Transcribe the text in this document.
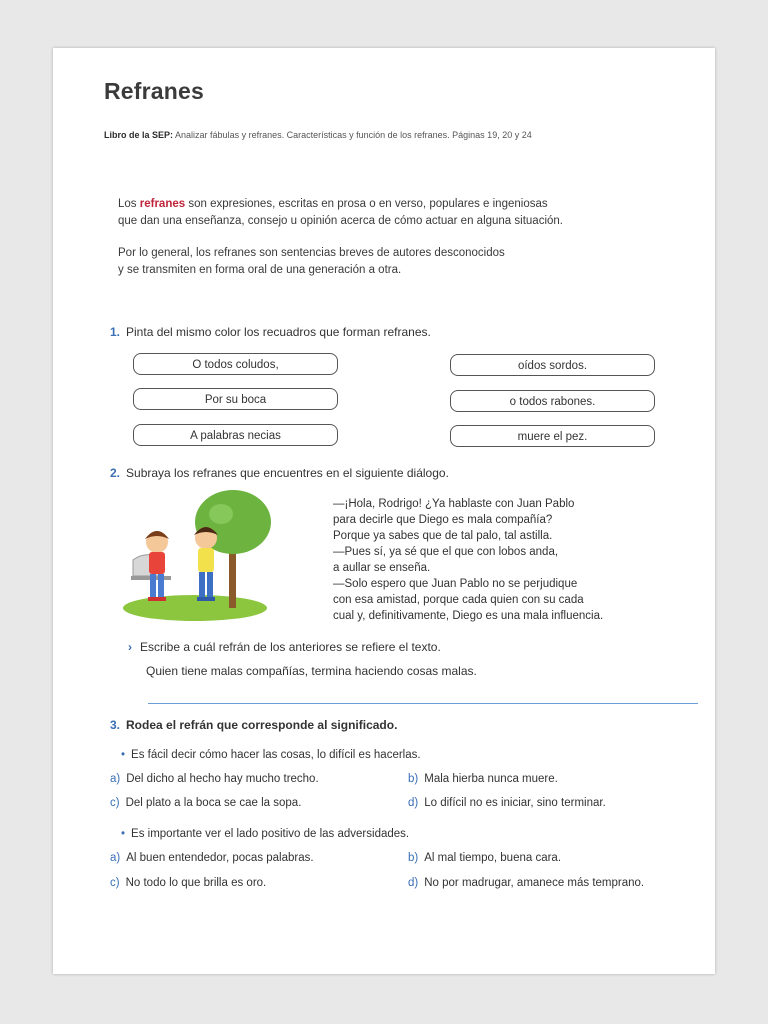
Refranes
Libro de la SEP: Analizar fábulas y refranes. Características y función de los refranes. Páginas 19, 20 y 24
Los refranes son expresiones, escritas en prosa o en verso, populares e ingeniosas
que dan una enseñanza, consejo u opinión acerca de cómo actuar en alguna situación.
Por lo general, los refranes son sentencias breves de autores desconocidos
y se transmiten en forma oral de una generación a otra.
1. Pinta del mismo color los recuadros que forman refranes.
O todos coludos,
Por su boca
A palabras necias
oídos sordos.
o todos rabones.
muere el pez.
2. Subraya los refranes que encuentres en el siguiente diálogo.
—¡Hola, Rodrigo! ¿Ya hablaste con Juan Pablo
para decirle que Diego es mala compañía?
Porque ya sabes que de tal palo, tal astilla.
—Pues sí, ya sé que el que con lobos anda,
a aullar se enseña.
—Solo espero que Juan Pablo no se perjudique
con esa amistad, porque cada quien con su cada
cual y, definitivamente, Diego es una mala influencia.
› Escribe a cuál refrán de los anteriores se refiere el texto.
Quien tiene malas compañías, termina haciendo cosas malas.
3. Rodea el refrán que corresponde al significado.
• Es fácil decir cómo hacer las cosas, lo difícil es hacerlas.
a) Del dicho al hecho hay mucho trecho.	b) Mala hierba nunca muere.
c) Del plato a la boca se cae la sopa.	d) Lo difícil no es iniciar, sino terminar.
• Es importante ver el lado positivo de las adversidades.
a) Al buen entendedor, pocas palabras.	b) Al mal tiempo, buena cara.
c) No todo lo que brilla es oro.	d) No por madrugar, amanece más temprano.
